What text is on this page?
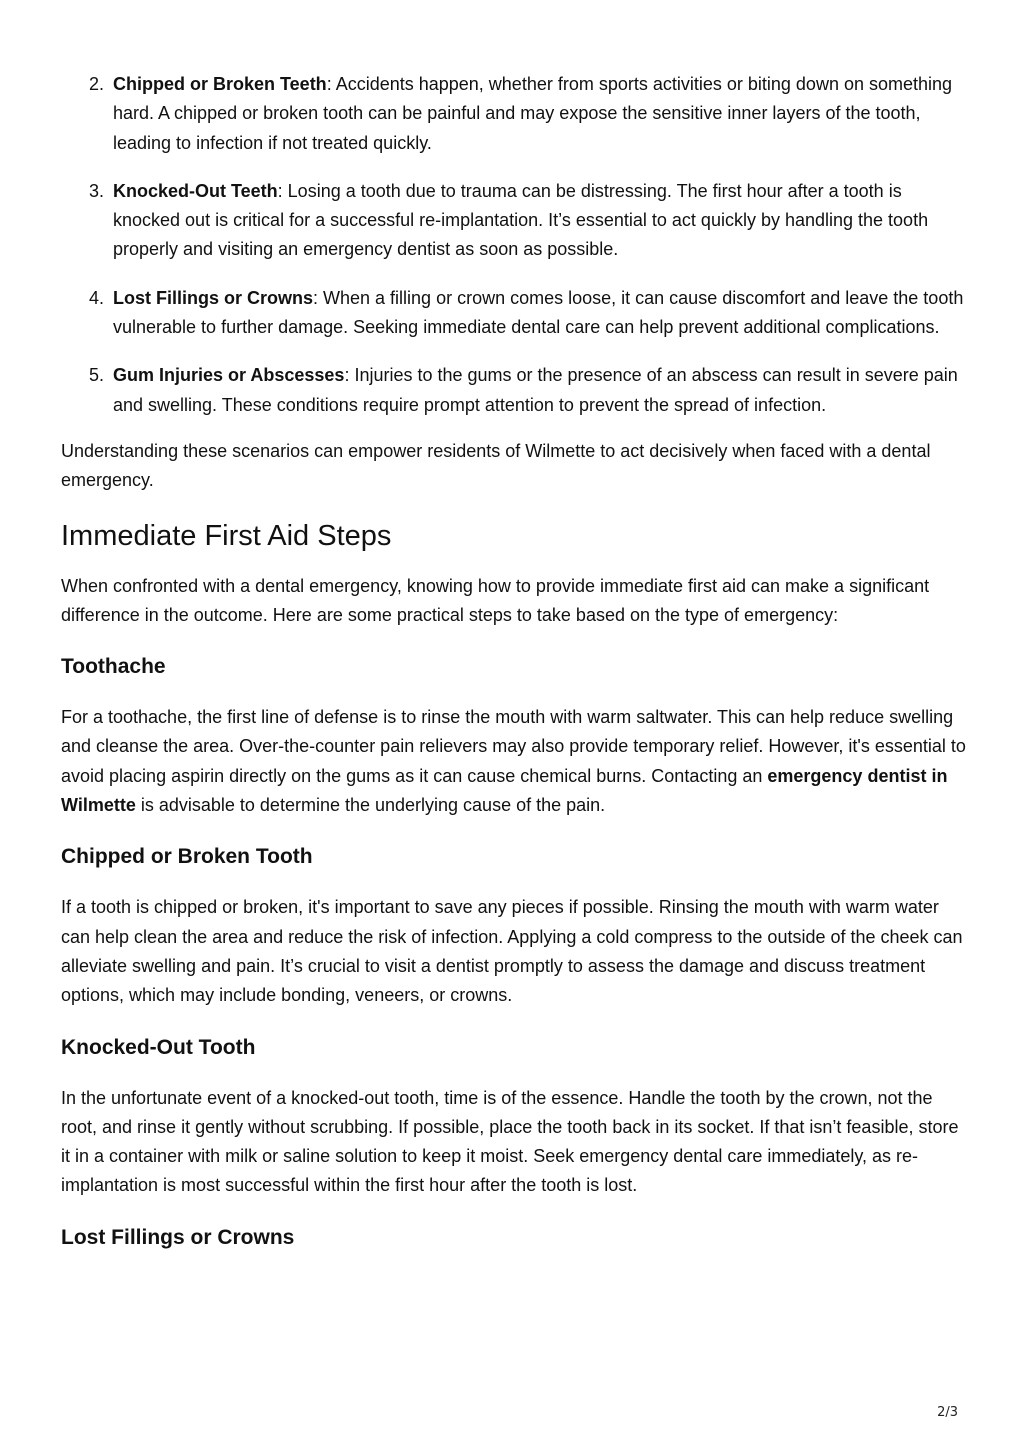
2. Chipped or Broken Teeth: Accidents happen, whether from sports activities or biting down on something hard. A chipped or broken tooth can be painful and may expose the sensitive inner layers of the tooth, leading to infection if not treated quickly.
3. Knocked-Out Teeth: Losing a tooth due to trauma can be distressing. The first hour after a tooth is knocked out is critical for a successful re-implantation. It’s essential to act quickly by handling the tooth properly and visiting an emergency dentist as soon as possible.
4. Lost Fillings or Crowns: When a filling or crown comes loose, it can cause discomfort and leave the tooth vulnerable to further damage. Seeking immediate dental care can help prevent additional complications.
5. Gum Injuries or Abscesses: Injuries to the gums or the presence of an abscess can result in severe pain and swelling. These conditions require prompt attention to prevent the spread of infection.

Understanding these scenarios can empower residents of Wilmette to act decisively when faced with a dental emergency.

Immediate First Aid Steps

When confronted with a dental emergency, knowing how to provide immediate first aid can make a significant difference in the outcome. Here are some practical steps to take based on the type of emergency:

Toothache

For a toothache, the first line of defense is to rinse the mouth with warm saltwater. This can help reduce swelling and cleanse the area. Over-the-counter pain relievers may also provide temporary relief. However, it's essential to avoid placing aspirin directly on the gums as it can cause chemical burns. Contacting an emergency dentist in Wilmette is advisable to determine the underlying cause of the pain.

Chipped or Broken Tooth

If a tooth is chipped or broken, it's important to save any pieces if possible. Rinsing the mouth with warm water can help clean the area and reduce the risk of infection. Applying a cold compress to the outside of the cheek can alleviate swelling and pain. It’s crucial to visit a dentist promptly to assess the damage and discuss treatment options, which may include bonding, veneers, or crowns.

Knocked-Out Tooth

In the unfortunate event of a knocked-out tooth, time is of the essence. Handle the tooth by the crown, not the root, and rinse it gently without scrubbing. If possible, place the tooth back in its socket. If that isn’t feasible, store it in a container with milk or saline solution to keep it moist. Seek emergency dental care immediately, as re-implantation is most successful within the first hour after the tooth is lost.

Lost Fillings or Crowns
2/3
